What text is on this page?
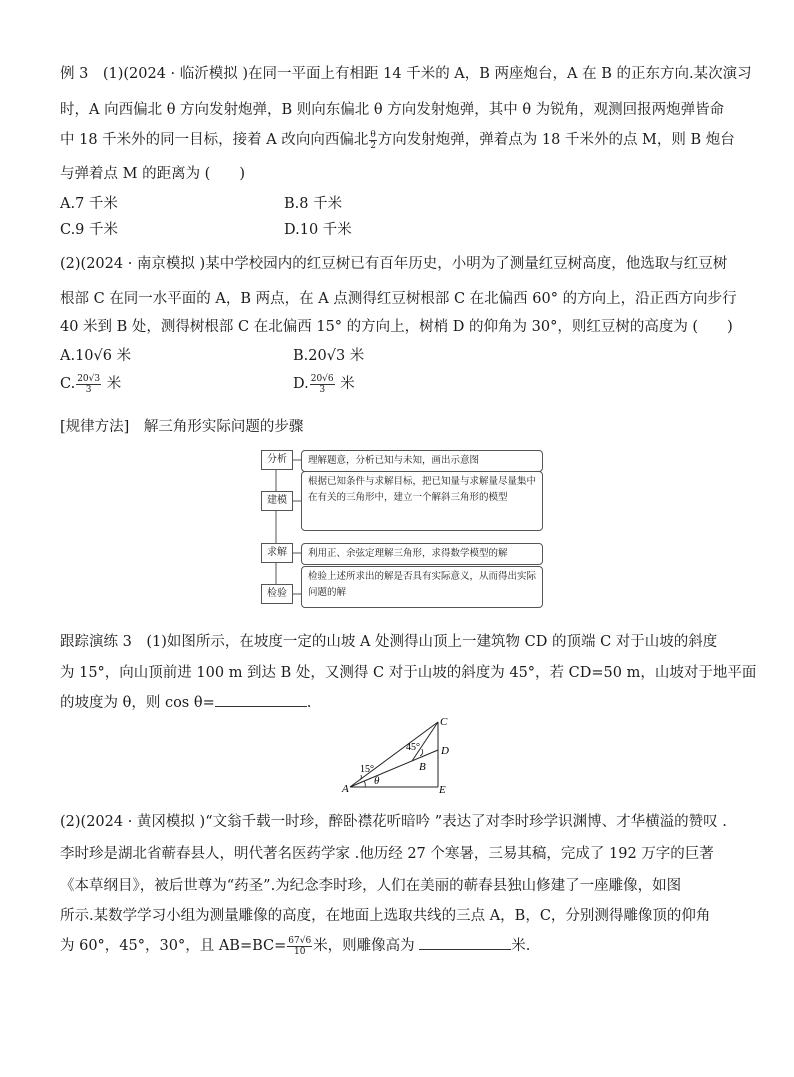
例 3　(1)(2024 · 临沂模拟 )在同一平面上有相距 14 千米的 A，B 两座炮台，A 在 B 的正东方向.某次演习
时，A 向西偏北 θ 方向发射炮弹，B 则向东偏北 θ 方向发射炮弹，其中 θ 为锐角，观测回报两炮弹皆命
中 18 千米外的同一目标，接着 A 改向向西偏北 $\frac{\theta}{2}$ 方向发射炮弹，弹着点为 18 千米外的点 M，则 B 炮台
与弹着点 M 的距离为 (　　)
A.7 千米	B.8 千米
C.9 千米	D.10 千米
(2)(2024 · 南京模拟 )某中学校园内的红豆树已有百年历史，小明为了测量红豆树高度，他选取与红豆树
根部 C 在同一水平面的 A，B 两点，在 A 点测得红豆树根部 C 在北偏西 60° 的方向上，沿正西方向步行
40 米到 B 处，测得树根部 C 在北偏西 15° 的方向上，树梢 D 的仰角为 30°，则红豆树的高度为 (　　)
A.10√6 米	B.20√3 米
C. $\frac{20√3}{3}$ 米	D. $\frac{20√6}{3}$ 米
[规律方法]　解三角形实际问题的步骤
分析	理解题意，分析已知与未知，画出示意图
建模
根据已知条件与求解目标，把已知量与求解量尽量集中在有关的三角形中，建立一个解斜三角形的模型
求解	利用正、余弦定理解三角形，求得数学模型的解
检验
检验上述所求出的解是否具有实际意义，从而得出实际问题的解
跟踪演练 3　(1)如图所示，在坡度一定的山坡 A 处测得山顶上一建筑物 CD 的顶端 C 对于山坡的斜度
为 15°，向山顶前进 100 m 到达 B 处，又测得 C 对于山坡的斜度为 45°，若 CD=50 m，山坡对于地平面
的坡度为 θ，则 cos θ=	.
C
D
B
A	E
45°
15°
θ
(2)(2024 · 黄冈模拟 )“文翁千载一时珍，醉卧襟花听暗吟 ”表达了对李时珍学识渊博、才华横溢的赞叹 .
李时珍是湖北省蕲春县人，明代著名医药学家 .他历经 27 个寒暑，三易其稿，完成了 192 万字的巨著
《本草纲目》，被后世尊为“药圣”.为纪念李时珍，人们在美丽的蕲春县独山修建了一座雕像，如图
所示.某数学学习小组为测量雕像的高度，在地面上选取共线的三点 A，B，C，分别测得雕像顶的仰角
为 60°，45°，30°，且 $AB=BC= \frac{67√6}{10}$ 米，则雕像高为	米.
